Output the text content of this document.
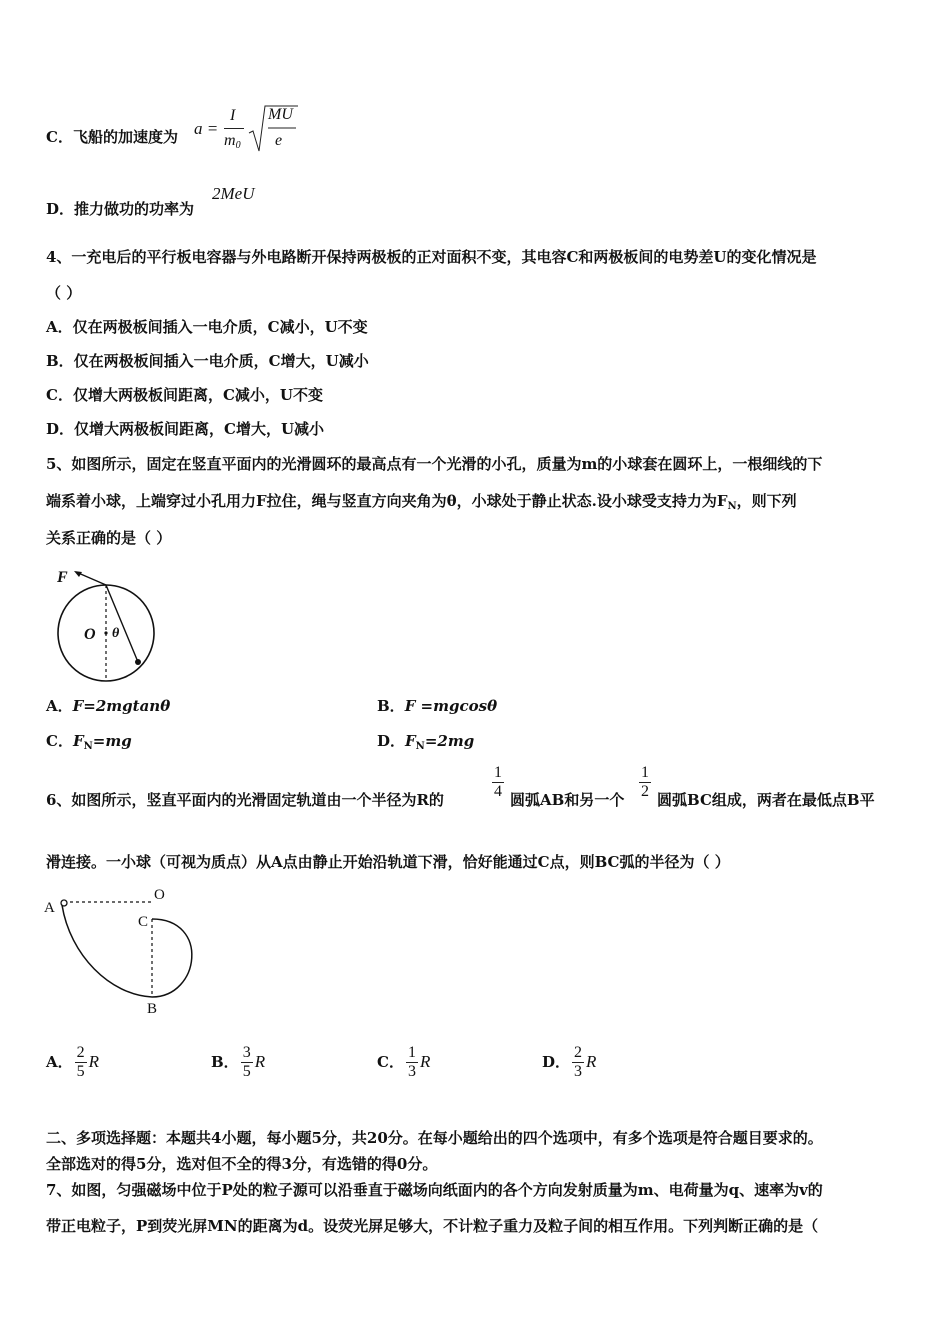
C．飞船的加速度为 a =
I
$m_0$
MU
e
D．推力做功的功率为
2MeU
4、一充电后的平行板电容器与外电路断开保持两极板的正对面积不变，其电容C和两极板间的电势差U的变化情况是
（ ）
A．仅在两极板间插入一电介质，C减小，U不变
B．仅在两极板间插入一电介质，C增大，U减小
C．仅增大两极板间距离，C减小，U不变
D．仅增大两极板间距离，C增大，U减小
5、如图所示，固定在竖直平面内的光滑圆环的最高点有一个光滑的小孔，质量为m的小球套在圆环上，一根细线的下
端系着小球，上端穿过小孔用力F拉住，绳与竖直方向夹角为θ，小球处于静止状态.设小球受支持力为$F_N$，则下列
关系正确的是（ ）
F
O θ
A．F=2mgtanθ	B．F =mgcosθ
C．$F_N=mg$	D．$F_N=2mg$
6、如图所示，竖直平面内的光滑固定轨道由一个半径为R的	$\frac{1}{4}$ 圆弧AB和另一个 $\frac{1}{2}$ 圆弧BC组成，两者在最低点B平
滑连接。一小球（可视为质点）从A点由静止开始沿轨道下滑，恰好能通过C点，则BC弧的半径为（ ）
A
O
C
B
A． $\frac{2}{5}$ R	B． $\frac{3}{5}$ R	C． $\frac{1}{3}$ R	D． $\frac{2}{3}$ R
二、多项选择题：本题共4小题，每小题5分，共20分。在每小题给出的四个选项中，有多个选项是符合题目要求的。
全部选对的得5分，选对但不全的得3分，有选错的得0分。
7、如图，匀强磁场中位于P处的粒子源可以沿垂直于磁场向纸面内的各个方向发射质量为m、电荷量为q、速率为v的
带正电粒子，P到荧光屏MN的距离为d。设荧光屏足够大，不计粒子重力及粒子间的相互作用。下列判断正确的是（
